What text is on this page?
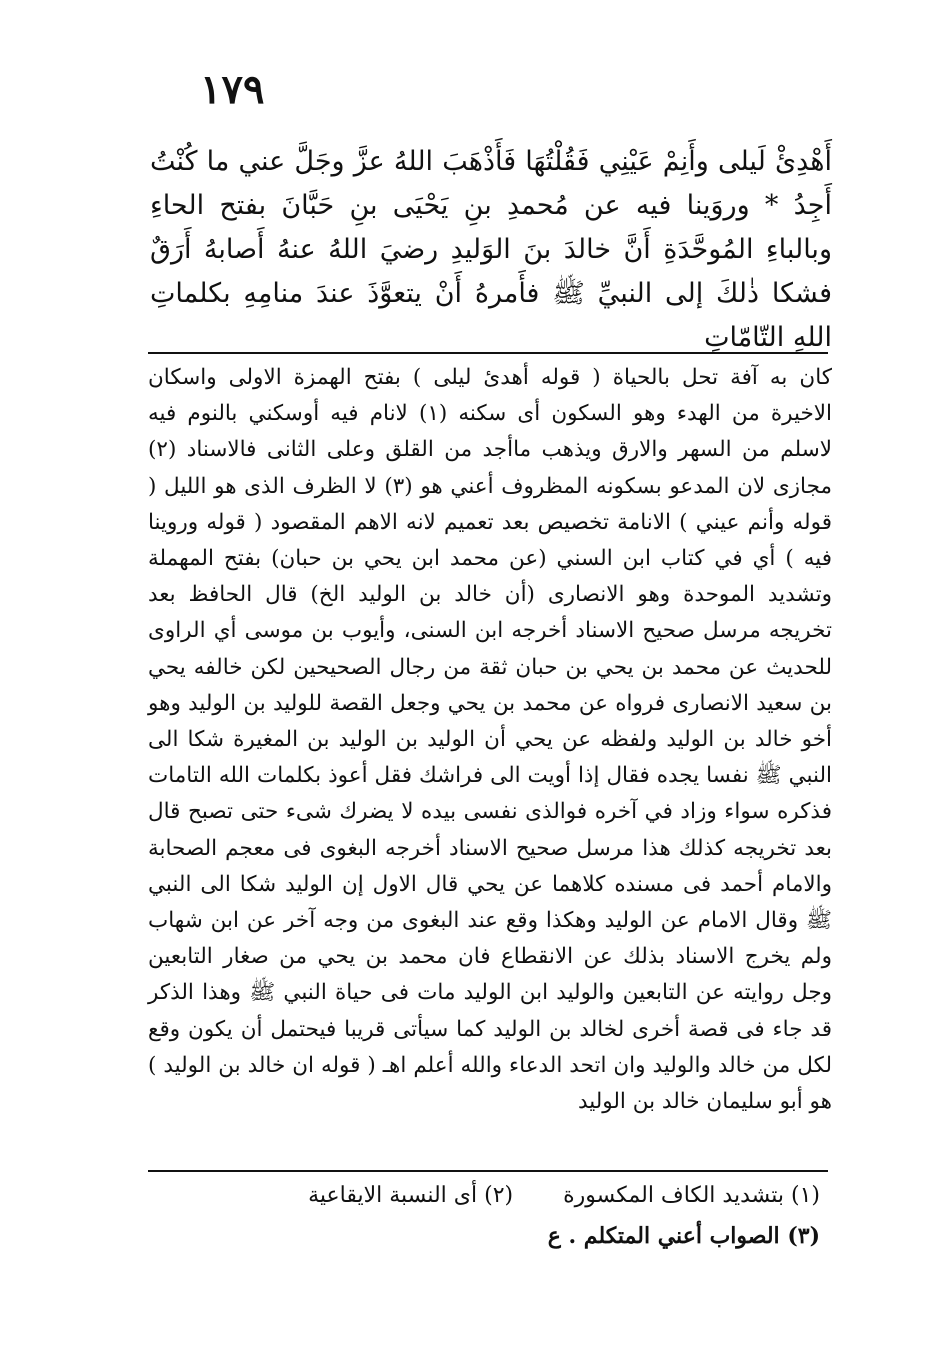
١٧٩
أَهْدِئْ لَيلى وأَنِمْ عَيْنِي فَقُلْتُهَا فَأَذْهَبَ اللهُ عزَّ وجَلَّ عني ما كُنْتُ أَجِدُ * وروَينا فيه عن مُحمدِ بنِ يَحْيَى بنِ حَبَّانَ بفتح الحاءِ وبالباءِ المُوحَّدَةِ أَنَّ خالدَ بنَ الوَليدِ رضيَ اللهُ عنهُ أَصابهُ أَرَقٌ فشكا ذٰلكَ إلى النبيِّ ﷺ فأَمرهُ أَنْ يتعوَّذَ عندَ منامِهِ بكلماتِ اللهِ التّامّاتِ

كان به آفة تحل بالحياة ( قوله أهدئ ليلى ) بفتح الهمزة الاولى واسكان الاخيرة من الهدء وهو السكون أى سكنه (١) لانام فيه أوسكني بالنوم فيه لاسلم من السهر والارق ويذهب ماأجد من القلق وعلى الثانى فالاسناد (٢) مجازى لان المدعو بسكونه المظروف أعني هو (٣) لا الظرف الذى هو الليل ( قوله وأنم عيني ) الانامة تخصيص بعد تعميم لانه الاهم المقصود ( قوله وروينا فيه ) أي في كتاب ابن السني (عن محمد ابن يحي بن حبان) بفتح المهملة وتشديد الموحدة وهو الانصارى (أن خالد بن الوليد الخ) قال الحافظ بعد تخريجه مرسل صحيح الاسناد أخرجه ابن السنى، وأيوب بن موسى أي الراوى للحديث عن محمد بن يحي بن حبان ثقة من رجال الصحيحين لكن خالفه يحي بن سعيد الانصارى فرواه عن محمد بن يحي وجعل القصة للوليد بن الوليد وهو أخو خالد بن الوليد ولفظه عن يحي أن الوليد بن الوليد بن المغيرة شكا الى النبي ﷺ نفسا يجده فقال إذا أويت الى فراشك فقل أعوذ بكلمات الله التامات فذكره سواء وزاد في آخره فوالذى نفسى بيده لا يضرك شىء حتى تصبح قال بعد تخريجه كذلك هذا مرسل صحيح الاسناد أخرجه البغوى فى معجم الصحابة والامام أحمد فى مسنده كلاهما عن يحي قال الاول إن الوليد شكا الى النبي ﷺ وقال الامام عن الوليد وهكذا وقع عند البغوى من وجه آخر عن ابن شهاب ولم يخرج الاسناد بذلك عن الانقطاع فان محمد بن يحي من صغار التابعين وجل روايته عن التابعين والوليد ابن الوليد مات فى حياة النبي ﷺ وهذا الذكر قد جاء فى قصة أخرى لخالد بن الوليد كما سيأتى قريبا فيحتمل أن يكون وقع لكل من خالد والوليد وان اتحد الدعاء والله أعلم اهـ ( قوله ان خالد بن الوليد ) هو أبو سليمان خالد بن الوليد

(١) بتشديد الكاف المكسورة
(٢) أى النسبة الايقاعية
(٣) الصواب أعني المتكلم . ع
